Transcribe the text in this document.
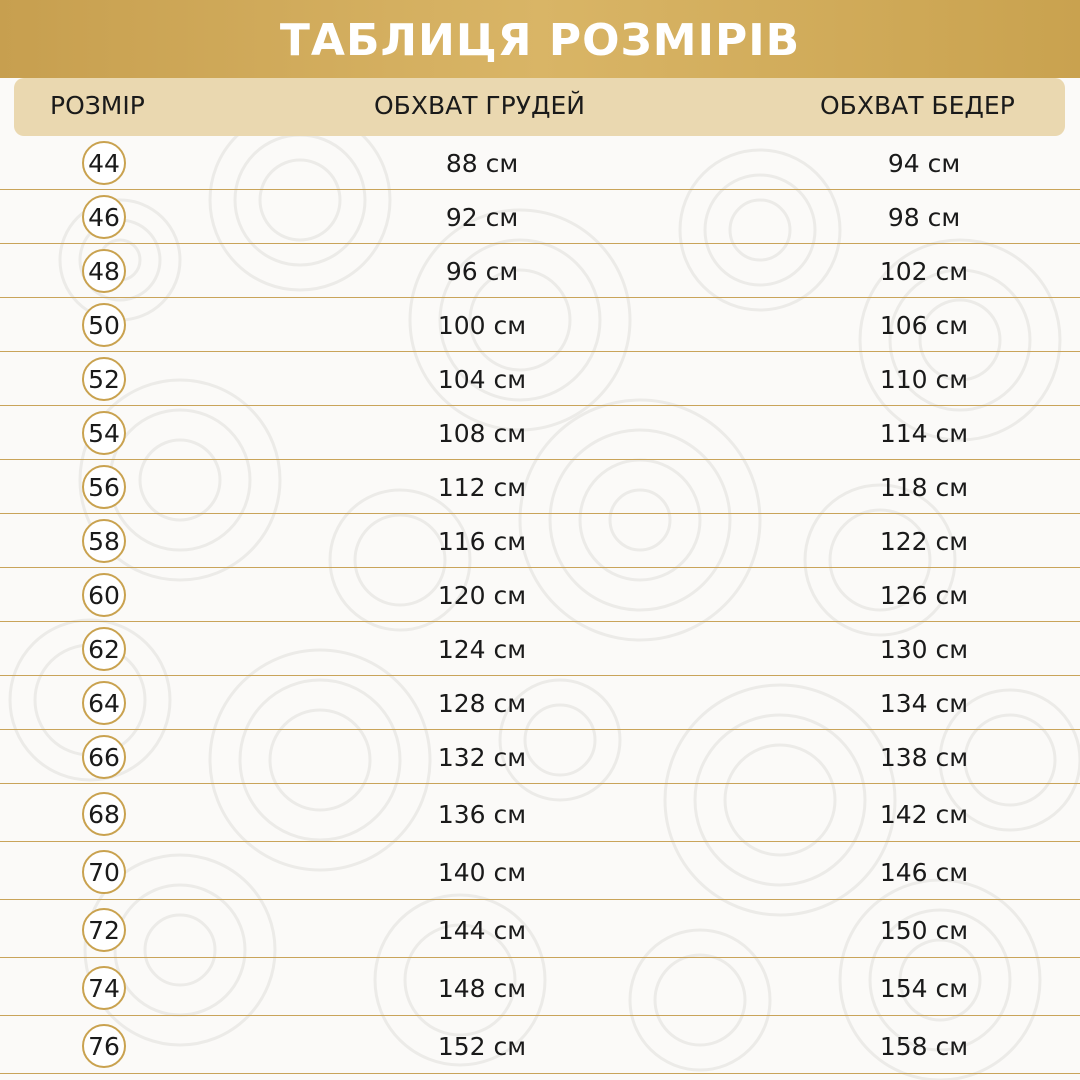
ТАБЛИЦЯ РОЗМІРІВ
РОЗМІР	ОБХВАТ ГРУДЕЙ	ОБХВАТ БЕДЕР
44	88 см	94 см
46	92 см	98 см
48	96 см	102 см
50	100 см	106 см
52	104 см	110 см
54	108 см	114 см
56	112 см	118 см
58	116 см	122 см
60	120 см	126 см
62	124 см	130 см
64	128 см	134 см
66	132 см	138 см
68	136 см	142 см
70	140 см	146 см
72	144 см	150 см
74	148 см	154 см
76	152 см	158 см
